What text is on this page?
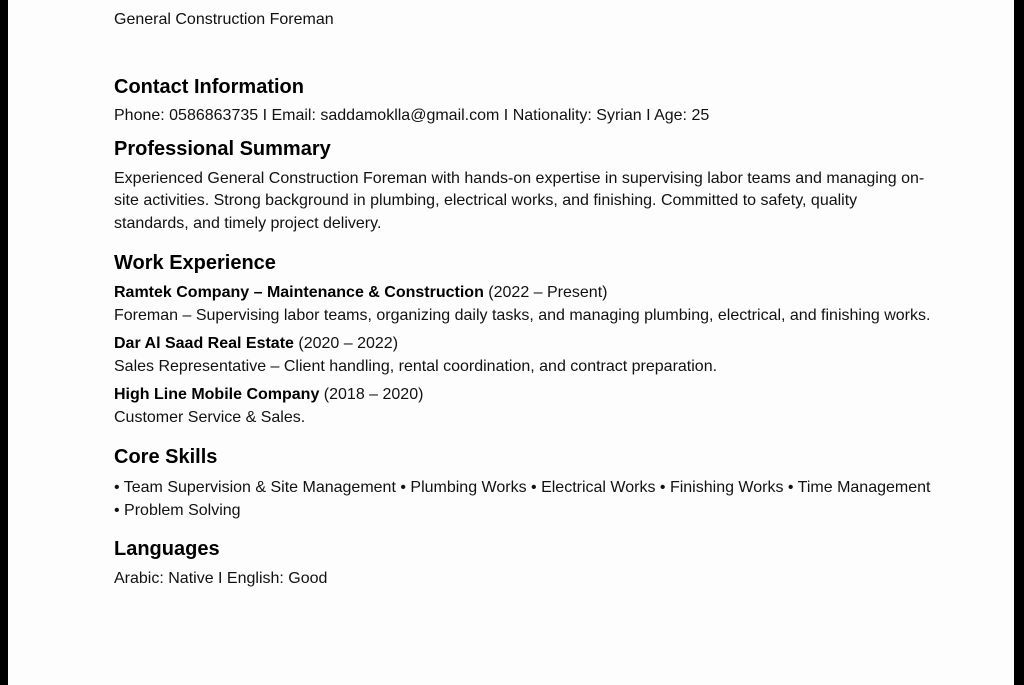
General Construction Foreman

Contact Information

Phone: 0586863735 I Email: saddamoklla@gmail.com I Nationality: Syrian I Age: 25

Professional Summary

Experienced General Construction Foreman with hands-on expertise in supervising labor teams and managing on-site activities. Strong background in plumbing, electrical works, and finishing. Committed to safety, quality standards, and timely project delivery.

Work Experience

Ramtek Company – Maintenance & Construction (2022 – Present)

Foreman – Supervising labor teams, organizing daily tasks, and managing plumbing, electrical, and finishing works.

Dar Al Saad Real Estate (2020 – 2022)

Sales Representative – Client handling, rental coordination, and contract preparation.

High Line Mobile Company (2018 – 2020)

Customer Service & Sales.

Core Skills

• Team Supervision & Site Management • Plumbing Works • Electrical Works • Finishing Works • Time Management • Problem Solving

Languages

Arabic: Native I English: Good
